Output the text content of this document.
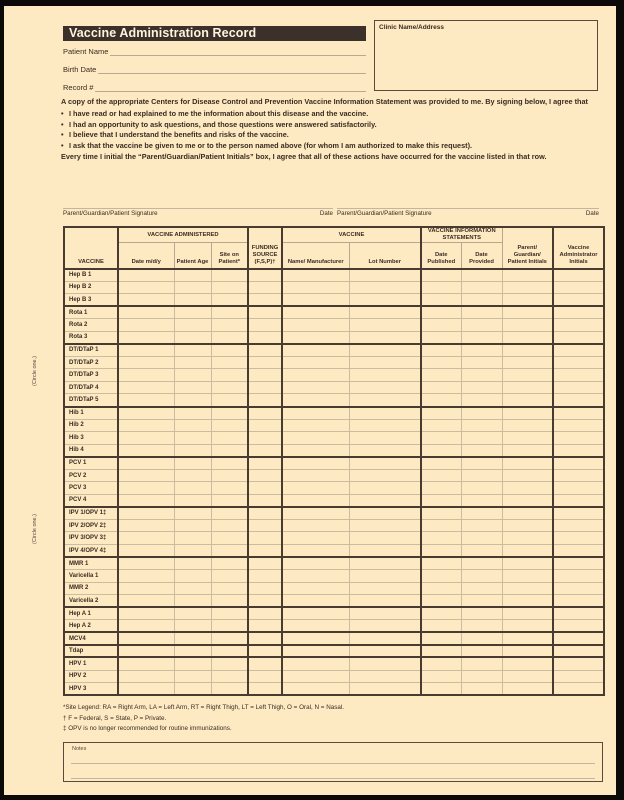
Vaccine Administration Record
Patient Name
Birth Date
Record #
Clinic Name/Address
A copy of the appropriate Centers for Disease Control and Prevention Vaccine Information Statement was provided to me. By signing below, I agree that
• I have read or had explained to me the information about this disease and the vaccine.
• I had an opportunity to ask questions, and those questions were answered satisfactorily.
• I believe that I understand the benefits and risks of the vaccine.
• I ask that the vaccine be given to me or to the person named above (for whom I am authorized to make this request).
Every time I initial the “Parent/Guardian/Patient Initials” box, I agree that all of these actions have occurred for the vaccine listed in that row.
Parent/Guardian/Patient Signature	Date Parent/Guardian/Patient Signature	Date
VACCINE	VACCINE ADMINISTERED			FUNDING SOURCE (F,S,P)†	VACCINE		VACCINE INFORMATION STATEMENTS		Parent/ Guardian/ Patient Initials	Vaccine Administrator Initials
	Date m/d/y	Patient Age	Site on Patient*		Name/ Manufacturer	Lot Number	Date Published	Date Provided		
Hep B 1										
Hep B 2										
Hep B 3										
Rota 1										
Rota 2										
Rota 3										
DT/DTaP 1										
DT/DTaP 2										
DT/DTaP 3										
DT/DTaP 4										
DT/DTaP 5										
Hib 1										
Hib 2										
Hib 3										
Hib 4										
PCV 1										
PCV 2										
PCV 3										
PCV 4										
IPV 1/OPV 1‡										
IPV 2/OPV 2‡										
IPV 3/OPV 3‡										
IPV 4/OPV 4‡										
MMR 1										
Varicella 1										
MMR 2										
Varicella 2										
Hep A 1										
Hep A 2										
MCV4										
Tdap										
HPV 1										
HPV 2										
HPV 3										
(Circle one.)
(Circle one.)
*Site Legend: RA = Right Arm, LA = Left Arm, RT = Right Thigh, LT = Left Thigh, O = Oral, N = Nasal.
† F = Federal, S = State, P = Private.
‡ OPV is no longer recommended for routine immunizations.
Notes
